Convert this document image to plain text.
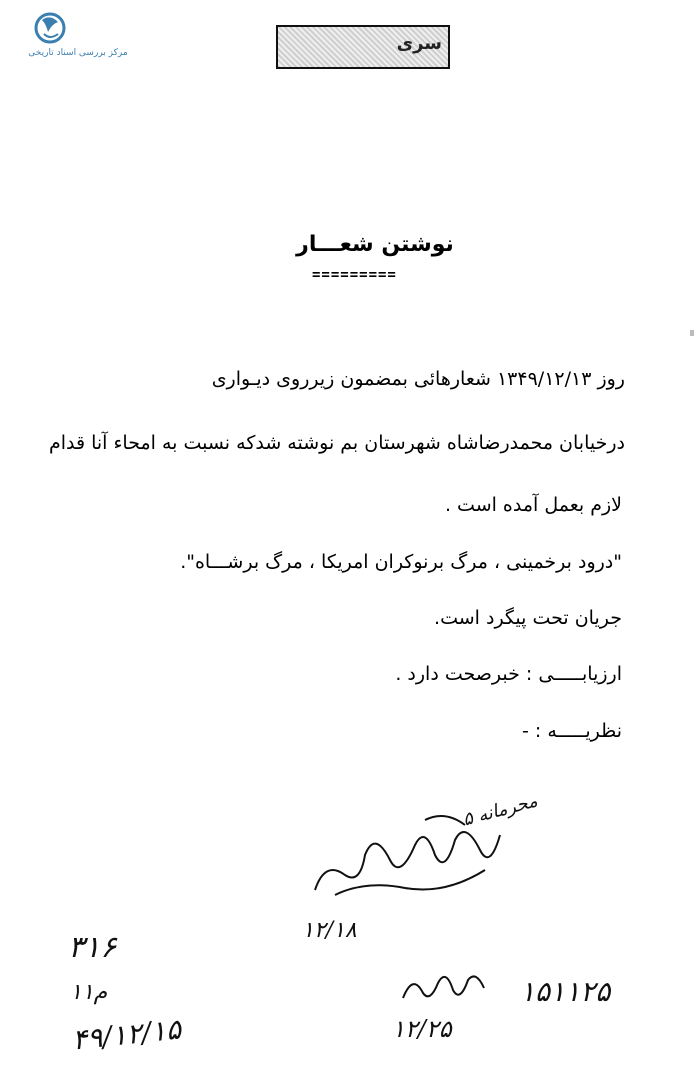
مرکز بررسی اسناد تاریخی	سری
نوشتن شعـــار
=========
روز ۱۳۴۹/۱۲/۱۳ شعارهائی بمضمون زیرروی دیـواری
درخیابان محمدرضاشاه شهرستان بم نوشته شدکه نسبت به امحاء آنا قدام
لازم بعمل آمده است .
"درود برخمینی ، مرگ برنوکران امریکا ، مرگ برشـــاه".
جریان تحت پیگرد است.
ارزیابـــــی : خبرصحت دارد .
نظریـــــه : -
۵ محرمانه
۱۲/۱۸
۳۱۶
۱۱م
۴۹/۱۲/۱۵
۱۵۱۱۲۵
۱۲/۲۵
